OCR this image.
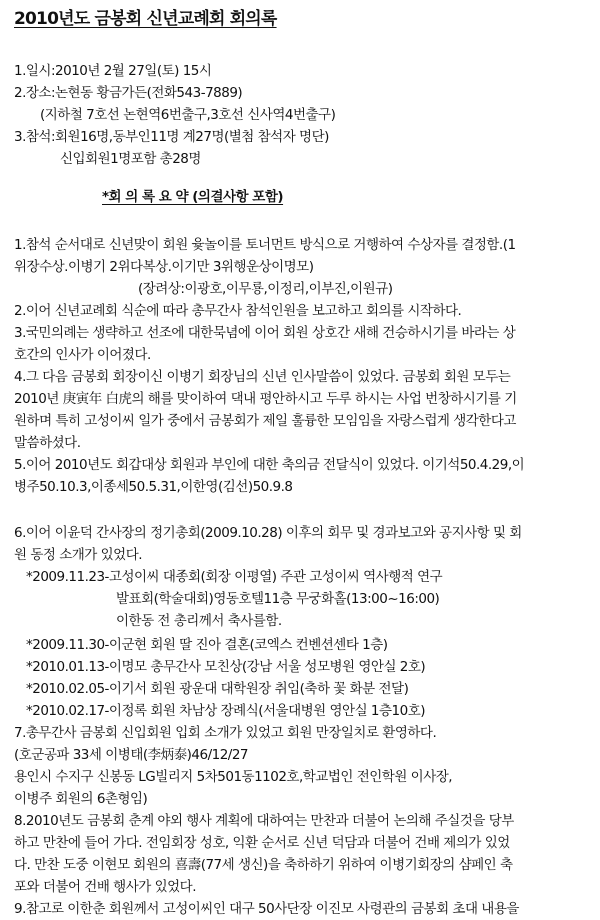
2010년도 금봉회 신년교례회 회의록
1.일시:2010년 2월 27일(토) 15시
2.장소:논현동 황금가든(전화543-7889)
(지하철 7호선 논현역6번출구,3호선 신사역4번출구)
3.참석:회원16명,동부인11명 계27명(별첨 참석자 명단)
신입회원1명포함 총28명
*회 의 록 요 약 (의결사항 포함)
1.참석 순서대로 신년맞이 회원 윷놀이를 토너먼트 방식으로 거행하여 수상자를 결정함.(1
위장수상.이병기 2위다복상.이기만 3위행운상이명모)
(장려상:이광호,이무룡,이정리,이부진,이원규)
2.이어 신년교례회 식순에 따라 총무간사 참석인원을 보고하고 회의를 시작하다.
3.국민의례는 생략하고 선조에 대한묵념에 이어 회원 상호간 새해 건승하시기를 바라는 상
호간의 인사가 이어졌다.
4.그 다음 금봉회 회장이신 이병기 회장님의 신년 인사말씀이 있었다. 금봉회 회원 모두는
2010년 庚寅年 白虎의 해를 맞이하여 댁내 평안하시고 두루 하시는 사업 번창하시기를 기
원하며 특히 고성이씨 일가 중에서 금봉회가 제일 훌륭한 모임임을 자랑스럽게 생각한다고
말씀하셨다.
5.이어 2010년도 회갑대상 회원과 부인에 대한 축의금 전달식이 있었다. 이기석50.4.29,이
병주50.10.3,이종세50.5.31,이한영(김선)50.9.8
6.이어 이윤덕 간사장의 정기총회(2009.10.28) 이후의 회무 및 경과보고와 공지사항 및 회
원 동정 소개가 있었다.
*2009.11.23-고성이씨 대종회(회장 이평열) 주관 고성이씨 역사행적 연구
발표회(학술대회)영동호텔11층 무궁화홀(13:00~16:00)
이한동 전 총리께서 축사를함.
*2009.11.30-이군현 회원 딸 진아 결혼(코엑스 컨벤션센타 1층)
*2010.01.13-이명모 총무간사 모친상(강남 서울 성모병원 영안실 2호)
*2010.02.05-이기서 회원 광운대 대학원장 취임(축하 꽃 화분 전달)
*2010.02.17-이정록 회원 차남상 장례식(서울대병원 영안실 1층10호)
7.총무간사 금봉회 신입회원 입회 소개가 있었고 회원 만장일치로 환영하다.
(호군공파 33세 이병태(李炳泰)46/12/27
용인시 수지구 신봉동 LG빌리지 5차501동1102호,학교법인 전인학원 이사장,
이병주 회원의 6촌형임)
8.2010년도 금봉회 춘계 야외 행사 계획에 대하여는 만찬과 더불어 논의해 주실것을 당부
하고 만찬에 들어 가다. 전임회장 성호, 익환 순서로 신년 덕담과 더불어 건배 제의가 있었
다. 만찬 도중 이현모 회원의 喜壽(77세 생신)을 축하하기 위하여 이병기회장의 샴페인 축
포와 더불어 건배 행사가 있었다.
9.참고로 이한춘 회원께서 고성이씨인 대구 50사단장 이진모 사령관의 금봉회 초대 내용을
